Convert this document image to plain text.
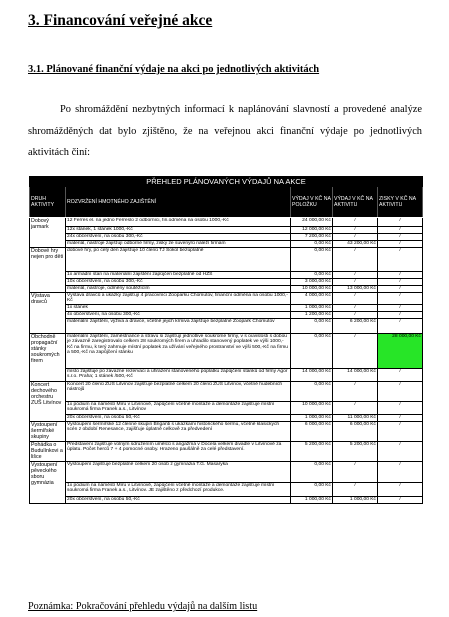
3. Financování veřejné akce
3.1. Plánované finanční výdaje na akci po jednotlivých aktivitách
Po shromáždění nezbytných informací k naplánování slavností a provedené analýze shromážděných dat bylo zjištěno, že na veřejnou akci finanční výdaje po jednotlivých aktivitách činí:
PŘEHLED PLÁNOVANÝCH VÝDAJŮ NA AKCE				
DRUH AKTIVITY	ROZVRŽENÍ HMOTNÉHO ZAJIŠTĚNÍ	VÝDAJ V KČ NA POLOŽKU	VÝDAJ V KČ NA AKTIVITU	ZISKY V KČ NA AKTIVITU
Dobový jarmark	12 Ferres el. na jedno Ferreslo 2 odborníci, fin.odměna na osobu 1000,-Kč	24 000,00 Kč	/	/
	12x stánek, 1 stánek 1000,-Kč	12 000,00 Kč	/	/
	24x občerstvení, na osobu 300,-Kč	7 200,00 Kč	/	/
	materiál, nástroje zajišťují odborné firmy, zisky ze suvenýrů náleží firmám	0,00 Kč	43 200,00 Kč	/
Dobové hry nejen pro děti	dobové hry, po celý den zajišťuje 10 členů TJ Sokol bezúplatně	0,00 Kč	/	/
	1x armádní stan na materiální zajištění zapůjčen bezplatně od HZS	0,00 Kč	/	/
	10x občerstvení, na osobu 300,-Kč	3 000,00 Kč	/	/
	materiál, nástroje, odměny soutěžícím	10 000,00 Kč	13 000,00 Kč	/
Výstava dravců	Výstava dravců a ukázky zajišťují 4 pracovníci Zooparku Chomutov, finanční odměna na osobu 1000,-Kč	4 000,00 Kč	/	/
	1x stánek	1 000,00 Kč	/	/
	4x občerstvení, na osobu 300,-Kč	1 200,00 Kč	/	/
	materiální zajištění, výživa a dravce, včetně jejich krmiva zajišťuje bezplatně Zoopark Chomutov	0,00 Kč	6 200,00 Kč	/
Obchodně propagační stánky soukromých firem	materiální zajištění, zaměstnance a stravu si zajišťují jednotlivé soukromé firmy, v s ouvislosti s dobou je závazně zaregistrovalo celkem 28 soukromých firem a uhradilo stanovený poplatek ve výši 1000,-Kč na firmu, k terý zahrnuje místní poplatek za užívání veřejného prostranství ve výši 500,-Kč na firmu a 500,-Kč na zapůjčení stánku	0,00 Kč	/	28 000,00 Kč
	místo zajištuje po závazné rezervaci a uhrazení stanoveného poplatku zapůjčení stánků od firmy Agor s.r.o. Praha; 1 stánek /500,-Kč	14 000,00 Kč	14 000,00 Kč	/
Koncert dechového orchestru ZUŠ Litvínov	Koncert 20 členů ZUŠ Litvínov zajišťuje bezplatně celkem 20 členů ZUŠ Litvínov, včetně hudebních nástrojů	0,00 Kč	/	/
	1x pódium na náměstí Míru v Litvínově, zapůjčení včetně montáže a demontáže zajišťuje místní soukromá firma Franek a.s., Litvínov	10 000,00 Kč	/	/
	20x občerstvení, na osobu 50,-Kč	1 000,00 Kč	11 000,00 Kč	/
Vystoupení šermířské skupiny	Vystoupení šermířské 12 členné skupin Briganti s ukázkami historického šermu, včetně klasických scén z období Renesance, zajišťuje úplatně celkově za předvedení	6 000,00 Kč	6 000,00 Kč	/
Pohádka o Budulínkovi a lišce	Představení zajišťuje volným sdružením umělců s angažmá v Docela velkém divadle v Litvínově za úplatu. Počet herců 7 + 4 pomocné osoby. Hrazeno paušálně za celé představení.	5 200,00 Kč	5 200,00 Kč	/
Vystoupení pěveckého sboru gymnázia	Vystoupení zajišťuje bezplatně celkem 20 osob z gymnázia T.G. Masaryka	0,00 Kč	/	/
	1x pódium na náměstí Míru v Litvínově, zapůjčení včetně montáže a demontáže zajišťuje místní soukromá firma Franek a.s., Litvínov. JE zajištěno z předchozí produkce.	0,00 Kč	/	/
	20x občerstvení, na osobu 50,-Kč	1 000,00 Kč	1 000,00 Kč	/
Poznámka: Pokračování přehledu výdajů na dalším listu
